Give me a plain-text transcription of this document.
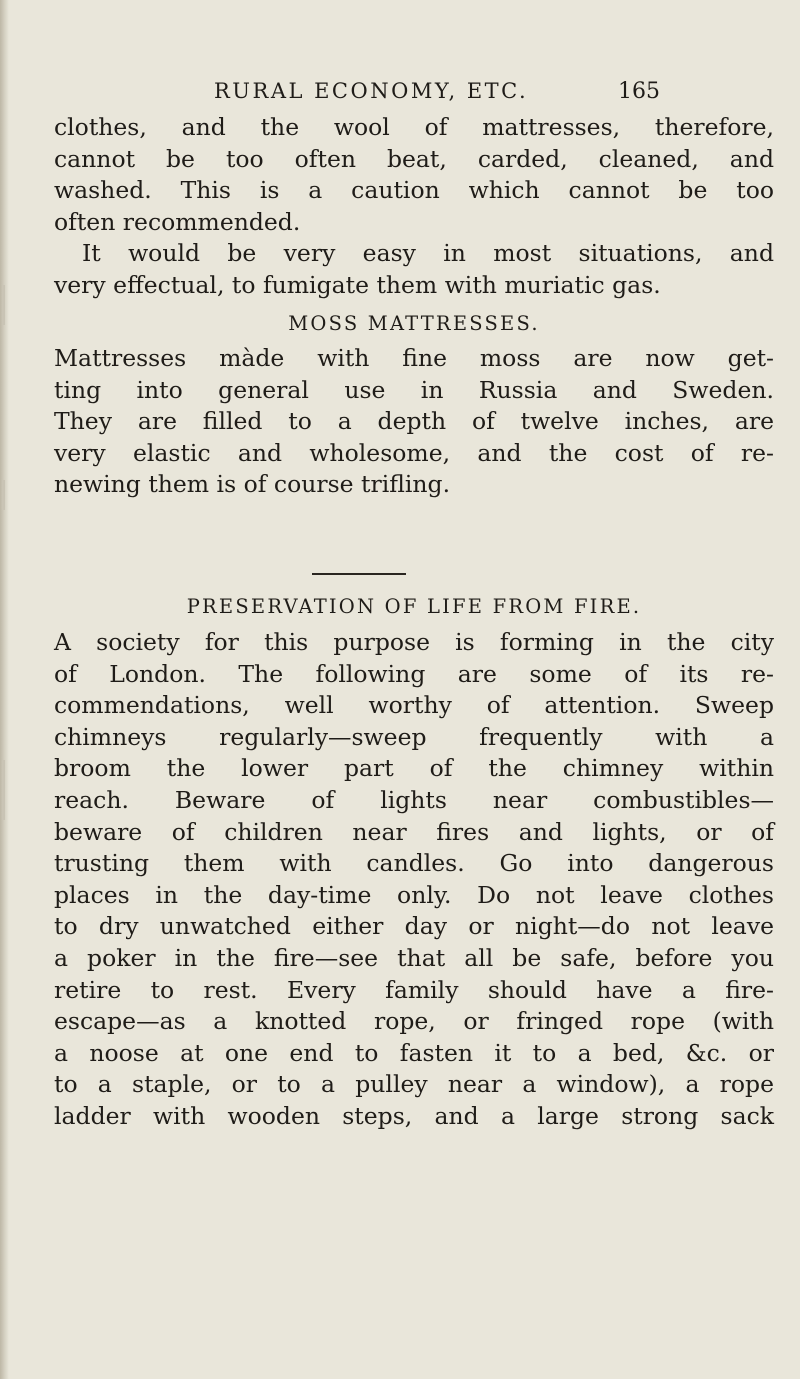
RURAL ECONOMY, ETC.	165
clothes, and the wool of mattresses, therefore,
cannot be too often beat, carded, cleaned, and
washed. This is a caution which cannot be too
often recommended.
It would be very easy in most situations, and
very effectual, to fumigate them with muriatic gas.
MOSS MATTRESSES.
Mattresses màde with fine moss are now get-
ting into general use in Russia and Sweden.
They are filled to a depth of twelve inches, are
very elastic and wholesome, and the cost of re-
newing them is of course trifling.
PRESERVATION OF LIFE FROM FIRE.
A society for this purpose is forming in the city
of London. The following are some of its re-
commendations, well worthy of attention. Sweep
chimneys regularly—sweep frequently with a
broom the lower part of the chimney within
reach. Beware of lights near combustibles—
beware of children near fires and lights, or of
trusting them with candles. Go into dangerous
places in the day-time only. Do not leave clothes
to dry unwatched either day or night—do not leave
a poker in the fire—see that all be safe, before you
retire to rest. Every family should have a fire-
escape—as a knotted rope, or fringed rope (with
a noose at one end to fasten it to a bed, &c. or
to a staple, or to a pulley near a window), a rope
ladder with wooden steps, and a large strong sack
